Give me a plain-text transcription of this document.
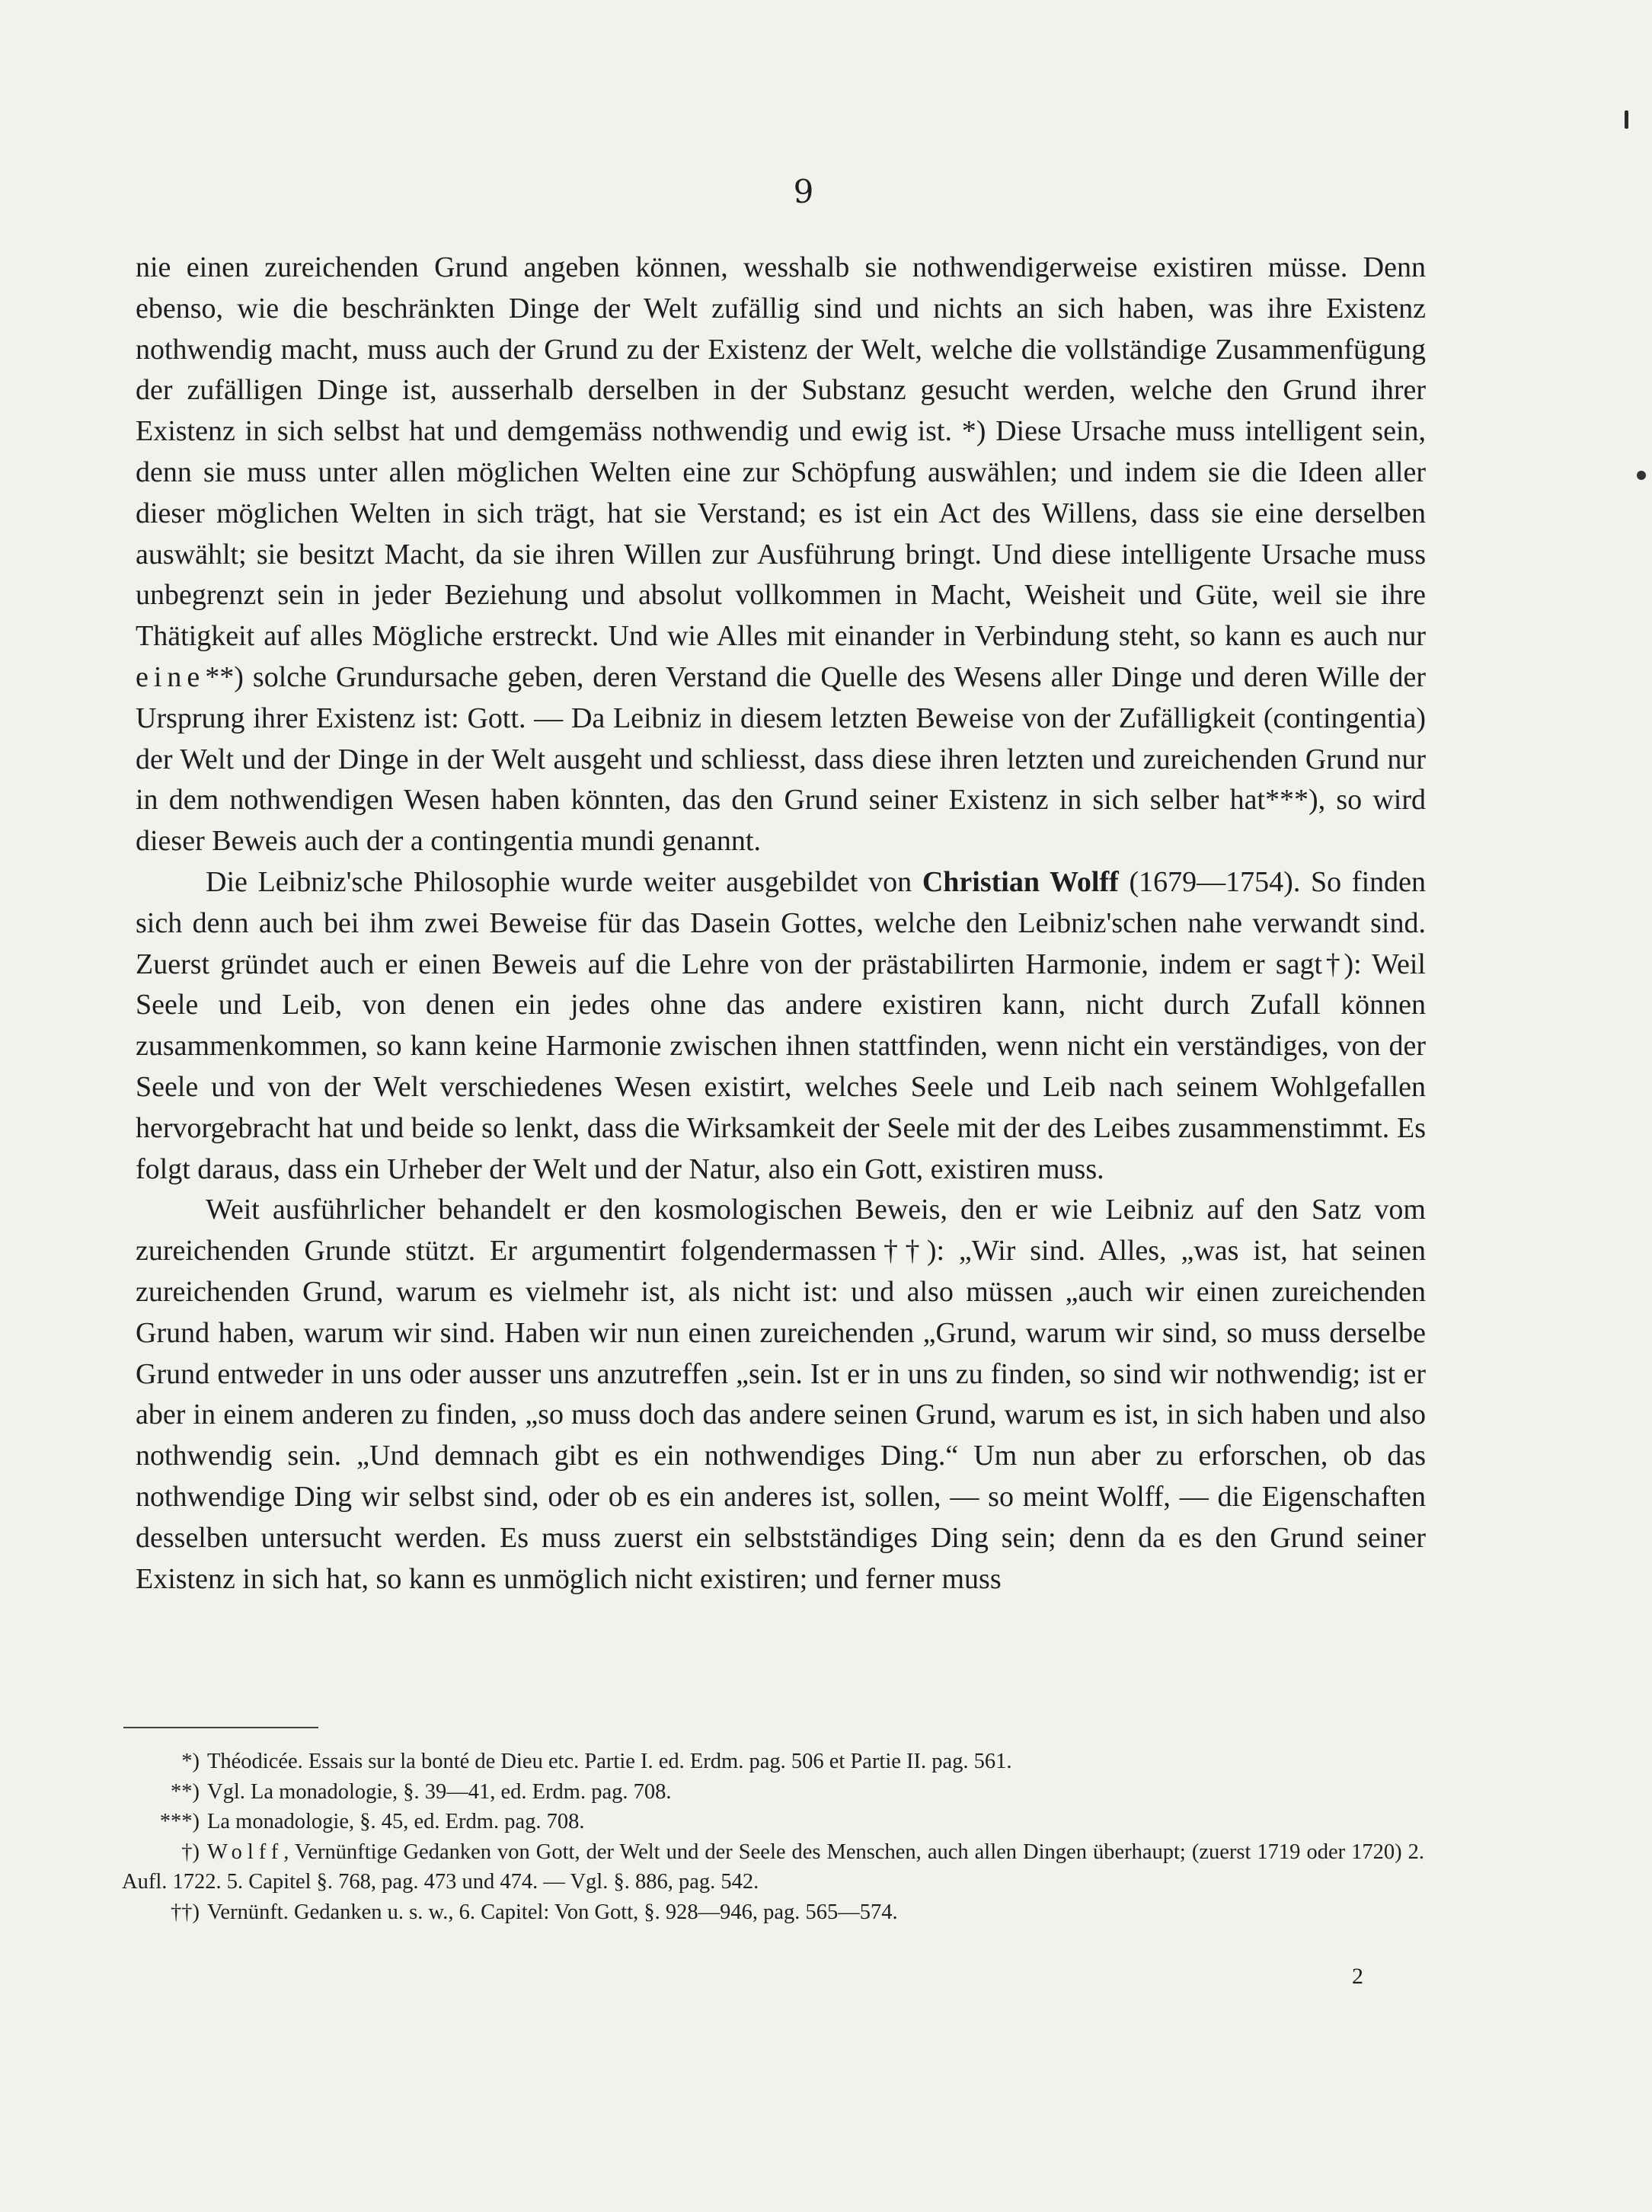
9

nie einen zureichenden Grund angeben können, wesshalb sie nothwendigerweise existiren müsse. Denn ebenso, wie die beschränkten Dinge der Welt zufällig sind und nichts an sich haben, was ihre Existenz nothwendig macht, muss auch der Grund zu der Existenz der Welt, welche die vollständige Zusammenfügung der zufälligen Dinge ist, ausserhalb derselben in der Substanz gesucht werden, welche den Grund ihrer Existenz in sich selbst hat und demgemäss nothwendig und ewig ist. *) Diese Ursache muss intelligent sein, denn sie muss unter allen möglichen Welten eine zur Schöpfung auswählen; und indem sie die Ideen aller dieser möglichen Welten in sich trägt, hat sie Verstand; es ist ein Act des Willens, dass sie eine derselben auswählt; sie besitzt Macht, da sie ihren Willen zur Ausführung bringt. Und diese intelligente Ursache muss unbegrenzt sein in jeder Beziehung und absolut vollkommen in Macht, Weisheit und Güte, weil sie ihre Thätigkeit auf alles Mögliche erstreckt. Und wie Alles mit einander in Verbindung steht, so kann es auch nur eine**) solche Grundursache geben, deren Verstand die Quelle des Wesens aller Dinge und deren Wille der Ursprung ihrer Existenz ist: Gott. — Da Leibniz in diesem letzten Beweise von der Zufälligkeit (contingentia) der Welt und der Dinge in der Welt ausgeht und schliesst, dass diese ihren letzten und zureichenden Grund nur in dem nothwendigen Wesen haben könnten, das den Grund seiner Existenz in sich selber hat***), so wird dieser Beweis auch der a contingentia mundi genannt.

Die Leibniz'sche Philosophie wurde weiter ausgebildet von Christian Wolff (1679—1754). So finden sich denn auch bei ihm zwei Beweise für das Dasein Gottes, welche den Leibniz'schen nahe verwandt sind. Zuerst gründet auch er einen Beweis auf die Lehre von der prästabilirten Harmonie, indem er sagt†): Weil Seele und Leib, von denen ein jedes ohne das andere existiren kann, nicht durch Zufall können zusammenkommen, so kann keine Harmonie zwischen ihnen stattfinden, wenn nicht ein verständiges, von der Seele und von der Welt verschiedenes Wesen existirt, welches Seele und Leib nach seinem Wohlgefallen hervorgebracht hat und beide so lenkt, dass die Wirksamkeit der Seele mit der des Leibes zusammenstimmt. Es folgt daraus, dass ein Urheber der Welt und der Natur, also ein Gott, existiren muss.

Weit ausführlicher behandelt er den kosmologischen Beweis, den er wie Leibniz auf den Satz vom zureichenden Grunde stützt. Er argumentirt folgendermassen††): „Wir sind. Alles, „was ist, hat seinen zureichenden Grund, warum es vielmehr ist, als nicht ist: und also müssen „auch wir einen zureichenden Grund haben, warum wir sind. Haben wir nun einen zureichenden „Grund, warum wir sind, so muss derselbe Grund entweder in uns oder ausser uns anzutreffen „sein. Ist er in uns zu finden, so sind wir nothwendig; ist er aber in einem anderen zu finden, „so muss doch das andere seinen Grund, warum es ist, in sich haben und also nothwendig sein. „Und demnach gibt es ein nothwendiges Ding.“ Um nun aber zu erforschen, ob das nothwendige Ding wir selbst sind, oder ob es ein anderes ist, sollen, — so meint Wolff, — die Eigenschaften desselben untersucht werden. Es muss zuerst ein selbstständiges Ding sein; denn da es den Grund seiner Existenz in sich hat, so kann es unmöglich nicht existiren; und ferner muss

*) Théodicée. Essais sur la bonté de Dieu etc. Partie I. ed. Erdm. pag. 506 et Partie II. pag. 561.

**) Vgl. La monadologie, §. 39—41, ed. Erdm. pag. 708.

***) La monadologie, §. 45, ed. Erdm. pag. 708.

†) Wolff, Vernünftige Gedanken von Gott, der Welt und der Seele des Menschen, auch allen Dingen überhaupt; (zuerst 1719 oder 1720) 2. Aufl. 1722. 5. Capitel §. 768, pag. 473 und 474. — Vgl. §. 886, pag. 542.

††) Vernünft. Gedanken u. s. w., 6. Capitel: Von Gott, §. 928—946, pag. 565—574.

2
